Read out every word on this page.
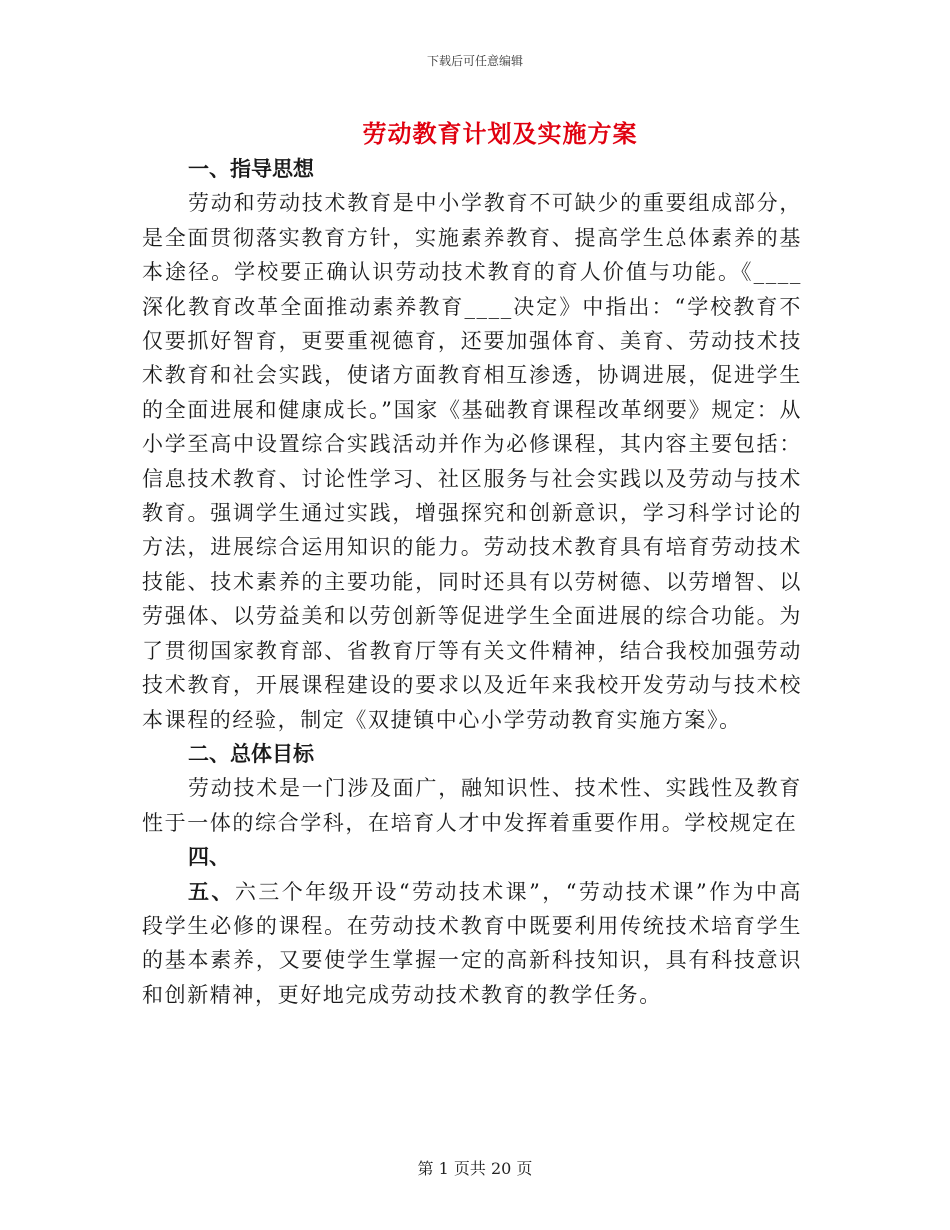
下载后可任意编辑
劳动教育计划及实施方案

一、指导思想

劳动和劳动技术教育是中小学教育不可缺少的重要组成部分，是全面贯彻落实教育方针，实施素养教育、提高学生总体素养的基本途径。学校要正确认识劳动技术教育的育人价值与功能。《____深化教育改革全面推动素养教育____决定》中指出：“学校教育不仅要抓好智育，更要重视德育，还要加强体育、美育、劳动技术技术教育和社会实践，使诸方面教育相互渗透，协调进展，促进学生的全面进展和健康成长。”国家《基础教育课程改革纲要》规定：从小学至高中设置综合实践活动并作为必修课程，其内容主要包括：信息技术教育、讨论性学习、社区服务与社会实践以及劳动与技术教育。强调学生通过实践，增强探究和创新意识，学习科学讨论的方法，进展综合运用知识的能力。劳动技术教育具有培育劳动技术技能、技术素养的主要功能，同时还具有以劳树德、以劳增智、以劳强体、以劳益美和以劳创新等促进学生全面进展的综合功能。为了贯彻国家教育部、省教育厅等有关文件精神，结合我校加强劳动技术教育，开展课程建设的要求以及近年来我校开发劳动与技术校本课程的经验，制定《双捷镇中心小学劳动教育实施方案》。

二、总体目标

劳动技术是一门涉及面广，融知识性、技术性、实践性及教育性于一体的综合学科，在培育人才中发挥着重要作用。学校规定在

四、

五、六三个年级开设“劳动技术课”，“劳动技术课”作为中高段学生必修的课程。在劳动技术教育中既要利用传统技术培育学生的基本素养，又要使学生掌握一定的高新科技知识，具有科技意识和创新精神，更好地完成劳动技术教育的教学任务。

第 1 页共 20 页
